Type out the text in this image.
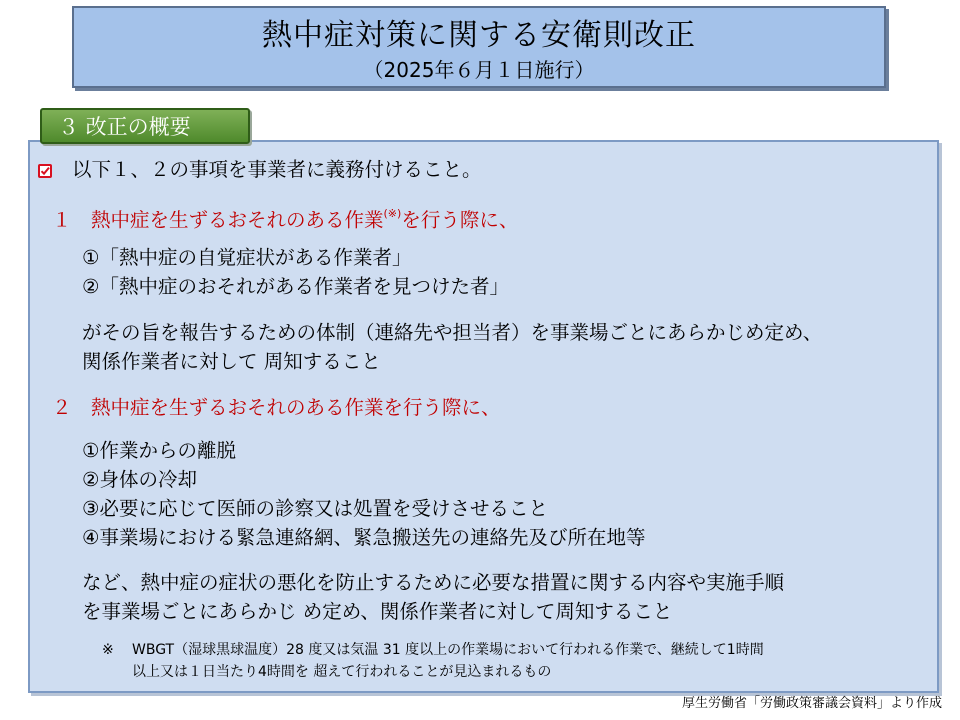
熱中症対策に関する安衛則改正
（2025年６月１日施行）
３ 改正の概要
以下１、２の事項を事業者に義務付けること。
１　熱中症を生ずるおそれのある作業(※)を行う際に、
①「熱中症の自覚症状がある作業者」
②「熱中症のおそれがある作業者を見つけた者」
がその旨を報告するための体制（連絡先や担当者）を事業場ごとにあらかじめ定め、
関係作業者に対して 周知すること
２　熱中症を生ずるおそれのある作業を行う際に、
①作業からの離脱
②身体の冷却
③必要に応じて医師の診察又は処置を受けさせること
④事業場における緊急連絡網、緊急搬送先の連絡先及び所在地等
など、熱中症の症状の悪化を防止するために必要な措置に関する内容や実施手順
を事業場ごとにあらかじ め定め、関係作業者に対して周知すること
※ WBGT（湿球黒球温度）28 度又は気温 31 度以上の作業場において行われる作業で、継続して1時間
以上又は１日当たり4時間を 超えて行われることが見込まれるもの
厚生労働省「労働政策審議会資料」より作成
